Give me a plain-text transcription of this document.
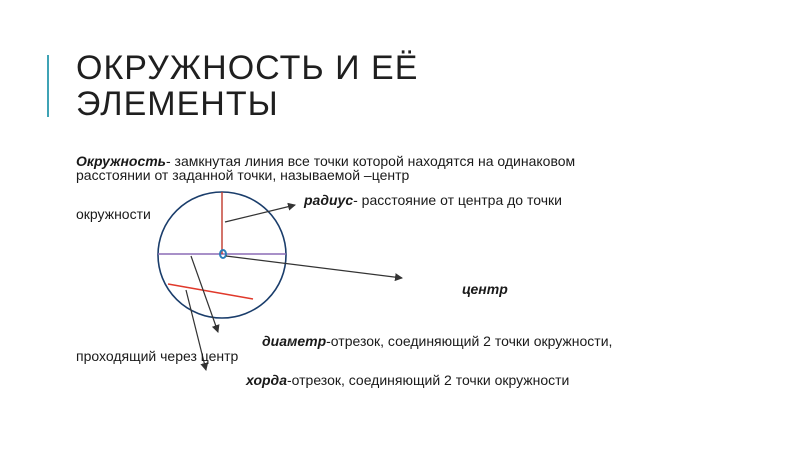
ОКРУЖНОСТЬ И ЕЁ
ЭЛЕМЕНТЫ
Окружность- замкнутая линия все точки которой находятся на одинаковом
расстоянии от заданной точки, называемой –центр
радиус- расстояние от центра до точки
окружности
центр
диаметр-отрезок, соединяющий 2 точки окружности,
проходящий через центр
хорда-отрезок, соединяющий 2 точки окружности
